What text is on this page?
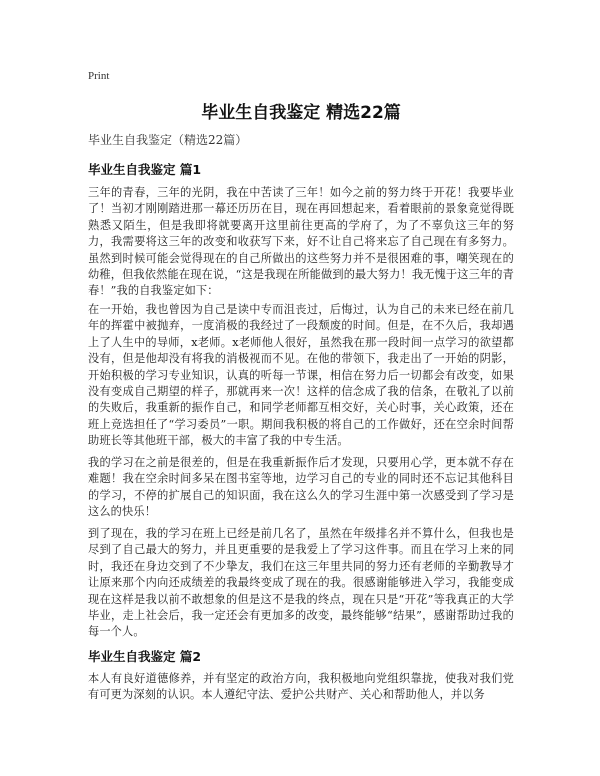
Print
毕业生自我鉴定 精选22篇
毕业生自我鉴定（精选22篇）
毕业生自我鉴定 篇1
三年的青春，三年的光阴，我在中苦读了三年！如今之前的努力终于开花！我要毕业了！当初才刚刚踏进那一幕还历历在目，现在再回想起来，看着眼前的景象竟觉得既熟悉又陌生，但是我即将就要离开这里前往更高的学府了，为了不辜负这三年的努力，我需要将这三年的改变和收获写下来，好不让自己将来忘了自己现在有多努力。虽然到时候可能会觉得现在的自己所做出的这些努力并不是很困难的事，嘲笑现在的幼稚，但我依然能在现在说，“这是我现在所能做到的最大努力！我无愧于这三年的青春！”我的自我鉴定如下：
在一开始，我也曾因为自己是读中专而沮丧过，后悔过，认为自己的未来已经在前几年的挥霍中被抛弃，一度消极的我经过了一段颓废的时间。但是，在不久后，我却遇上了人生中的导师，x老师。x老师他人很好，虽然我在那一段时间一点学习的欲望都没有，但是他却没有将我的消极视而不见。在他的带领下，我走出了一开始的阴影，开始积极的学习专业知识，认真的听每一节课，相信在努力后一切都会有改变，如果没有变成自己期望的样子，那就再来一次！这样的信念成了我的信条，在敬礼了以前的失败后，我重新的振作自己，和同学老师都互相交好，关心时事，关心政策，还在班上竞选担任了“学习委员”一职。期间我积极的将自己的工作做好，还在空余时间帮助班长等其他班干部，极大的丰富了我的中专生活。
我的学习在之前是很差的，但是在我重新振作后才发现，只要用心学，更本就不存在难题！我在空余时间多呆在图书室等地，边学习自己的专业的同时还不忘记其他科目的学习，不停的扩展自己的知识面，我在这么久的学习生涯中第一次感受到了学习是这么的快乐！
到了现在，我的学习在班上已经是前几名了，虽然在年级排名并不算什么，但我也是尽到了自己最大的努力，并且更重要的是我爱上了学习这件事。而且在学习上来的同时，我还在身边交到了不少挚友，我们在这三年里共同的努力还有老师的辛勤教导才让原来那个内向还成绩差的我最终变成了现在的我。很感谢能够进入学习，我能变成现在这样是我以前不敢想象的但是这不是我的终点，现在只是“开花”等我真正的大学毕业，走上社会后，我一定还会有更加多的改变，最终能够“结果”，感谢帮助过我的每一个人。
毕业生自我鉴定 篇2
本人有良好道德修养，并有坚定的政治方向，我积极地向党组织靠拢，使我对我们党有可更为深刻的认识。本人遵纪守法、爱护公共财产、关心和帮助他人，并以务
